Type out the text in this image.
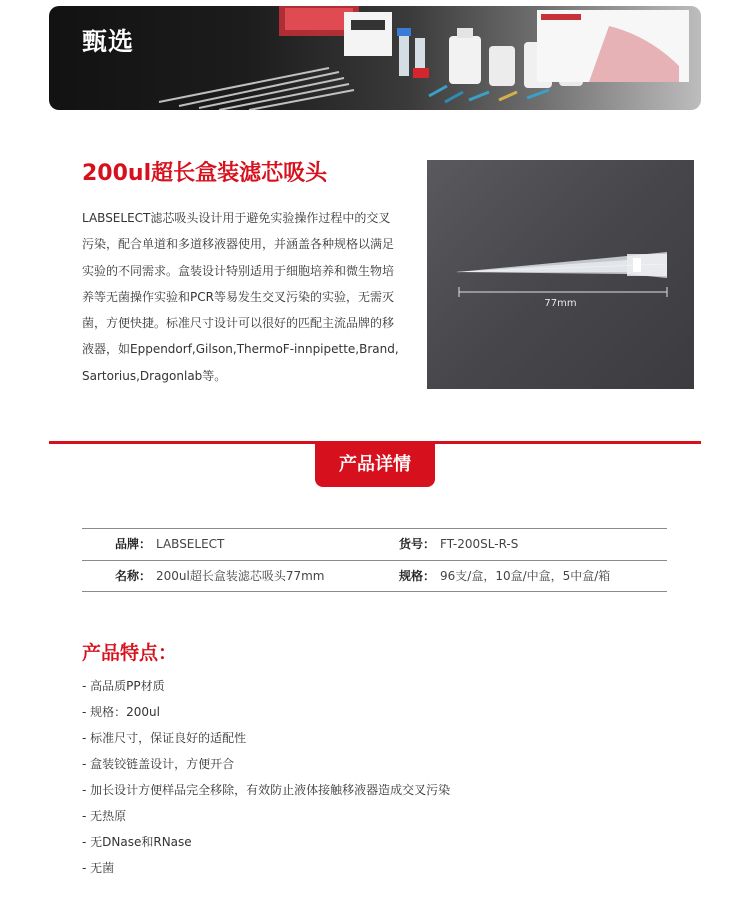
甄选
200ul超长盒装滤芯吸头
LABSELECT滤芯吸头设计用于避免实验操作过程中的交叉污染，配合单道和多道移液器使用，并涵盖各种规格以满足实验的不同需求。盒装设计特别适用于细胞培养和微生物培养等无菌操作实验和PCR等易发生交叉污染的实验，无需灭菌，方便快捷。标准尺寸设计可以很好的匹配主流品牌的移液器，如Eppendorf,Gilson,ThermoF-innpipette,Brand,Sartorius,Dragonlab等。
77mm
产品详情
品牌： LABSELECT	货号： FT-200SL-R-S
名称： 200ul超长盒装滤芯吸头77mm	规格： 96支/盒，10盒/中盒，5中盒/箱
产品特点：
- 高品质PP材质
- 规格：200ul
- 标准尺寸，保证良好的适配性
- 盒装铰链盖设计，方便开合
- 加长设计方便样品完全移除，有效防止液体接触移液器造成交叉污染
- 无热原
- 无DNase和RNase
- 无菌
